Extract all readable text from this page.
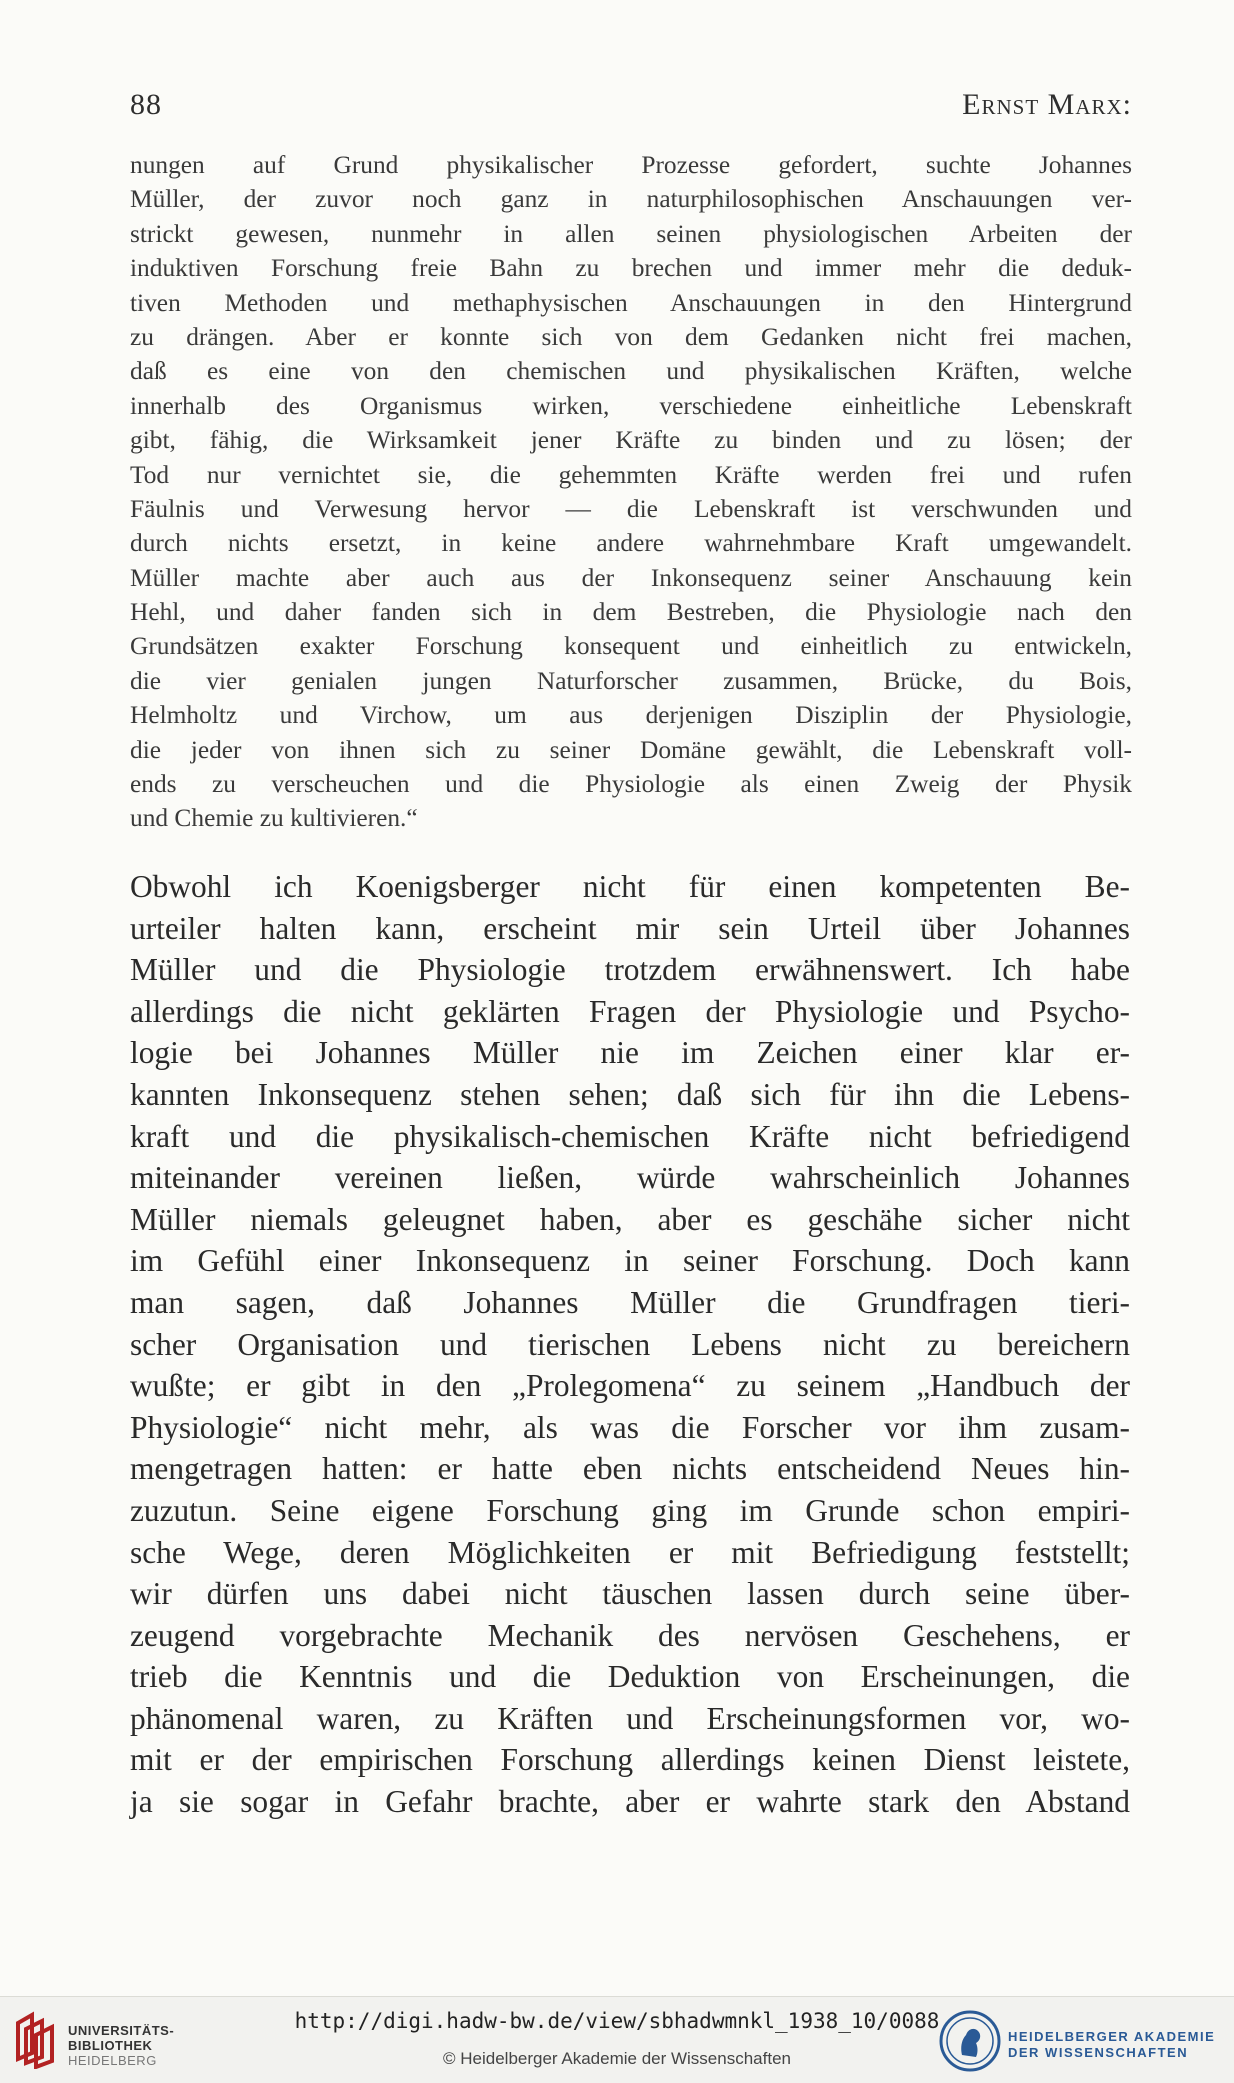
88	Ernst Marx:
nungen auf Grund physikalischer Prozesse gefordert, suchte Johannes
Müller, der zuvor noch ganz in naturphilosophischen Anschauungen ver-
strickt gewesen, nunmehr in allen seinen physiologischen Arbeiten der
induktiven Forschung freie Bahn zu brechen und immer mehr die deduk-
tiven Methoden und methaphysischen Anschauungen in den Hintergrund
zu drängen. Aber er konnte sich von dem Gedanken nicht frei machen,
daß es eine von den chemischen und physikalischen Kräften, welche
innerhalb des Organismus wirken, verschiedene einheitliche Lebenskraft
gibt, fähig, die Wirksamkeit jener Kräfte zu binden und zu lösen; der
Tod nur vernichtet sie, die gehemmten Kräfte werden frei und rufen
Fäulnis und Verwesung hervor — die Lebenskraft ist verschwunden und
durch nichts ersetzt, in keine andere wahrnehmbare Kraft umgewandelt.
Müller machte aber auch aus der Inkonsequenz seiner Anschauung kein
Hehl, und daher fanden sich in dem Bestreben, die Physiologie nach den
Grundsätzen exakter Forschung konsequent und einheitlich zu entwickeln,
die vier genialen jungen Naturforscher zusammen, Brücke, du Bois,
Helmholtz und Virchow, um aus derjenigen Disziplin der Physiologie,
die jeder von ihnen sich zu seiner Domäne gewählt, die Lebenskraft voll-
ends zu verscheuchen und die Physiologie als einen Zweig der Physik
und Chemie zu kultivieren.“
Obwohl ich Koenigsberger nicht für einen kompetenten Be-
urteiler halten kann, erscheint mir sein Urteil über Johannes
Müller und die Physiologie trotzdem erwähnenswert. Ich habe
allerdings die nicht geklärten Fragen der Physiologie und Psycho-
logie bei Johannes Müller nie im Zeichen einer klar er-
kannten Inkonsequenz stehen sehen; daß sich für ihn die Lebens-
kraft und die physikalisch-chemischen Kräfte nicht befriedigend
miteinander vereinen ließen, würde wahrscheinlich Johannes
Müller niemals geleugnet haben, aber es geschähe sicher nicht
im Gefühl einer Inkonsequenz in seiner Forschung. Doch kann
man sagen, daß Johannes Müller die Grundfragen tieri-
scher Organisation und tierischen Lebens nicht zu bereichern
wußte; er gibt in den „Prolegomena“ zu seinem „Handbuch der
Physiologie“ nicht mehr, als was die Forscher vor ihm zusam-
mengetragen hatten: er hatte eben nichts entscheidend Neues hin-
zuzutun. Seine eigene Forschung ging im Grunde schon empiri-
sche Wege, deren Möglichkeiten er mit Befriedigung feststellt;
wir dürfen uns dabei nicht täuschen lassen durch seine über-
zeugend vorgebrachte Mechanik des nervösen Geschehens, er
trieb die Kenntnis und die Deduktion von Erscheinungen, die
phänomenal waren, zu Kräften und Erscheinungsformen vor, wo-
mit er der empirischen Forschung allerdings keinen Dienst leistete,
ja sie sogar in Gefahr brachte, aber er wahrte stark den Abstand
UNIVERSITÄTS-
BIBLIOTHEK
HEIDELBERG
http://digi.hadw-bw.de/view/sbhadwmnkl_1938_10/0088
© Heidelberger Akademie der Wissenschaften
HEIDELBERGER AKADEMIE
DER WISSENSCHAFTEN
